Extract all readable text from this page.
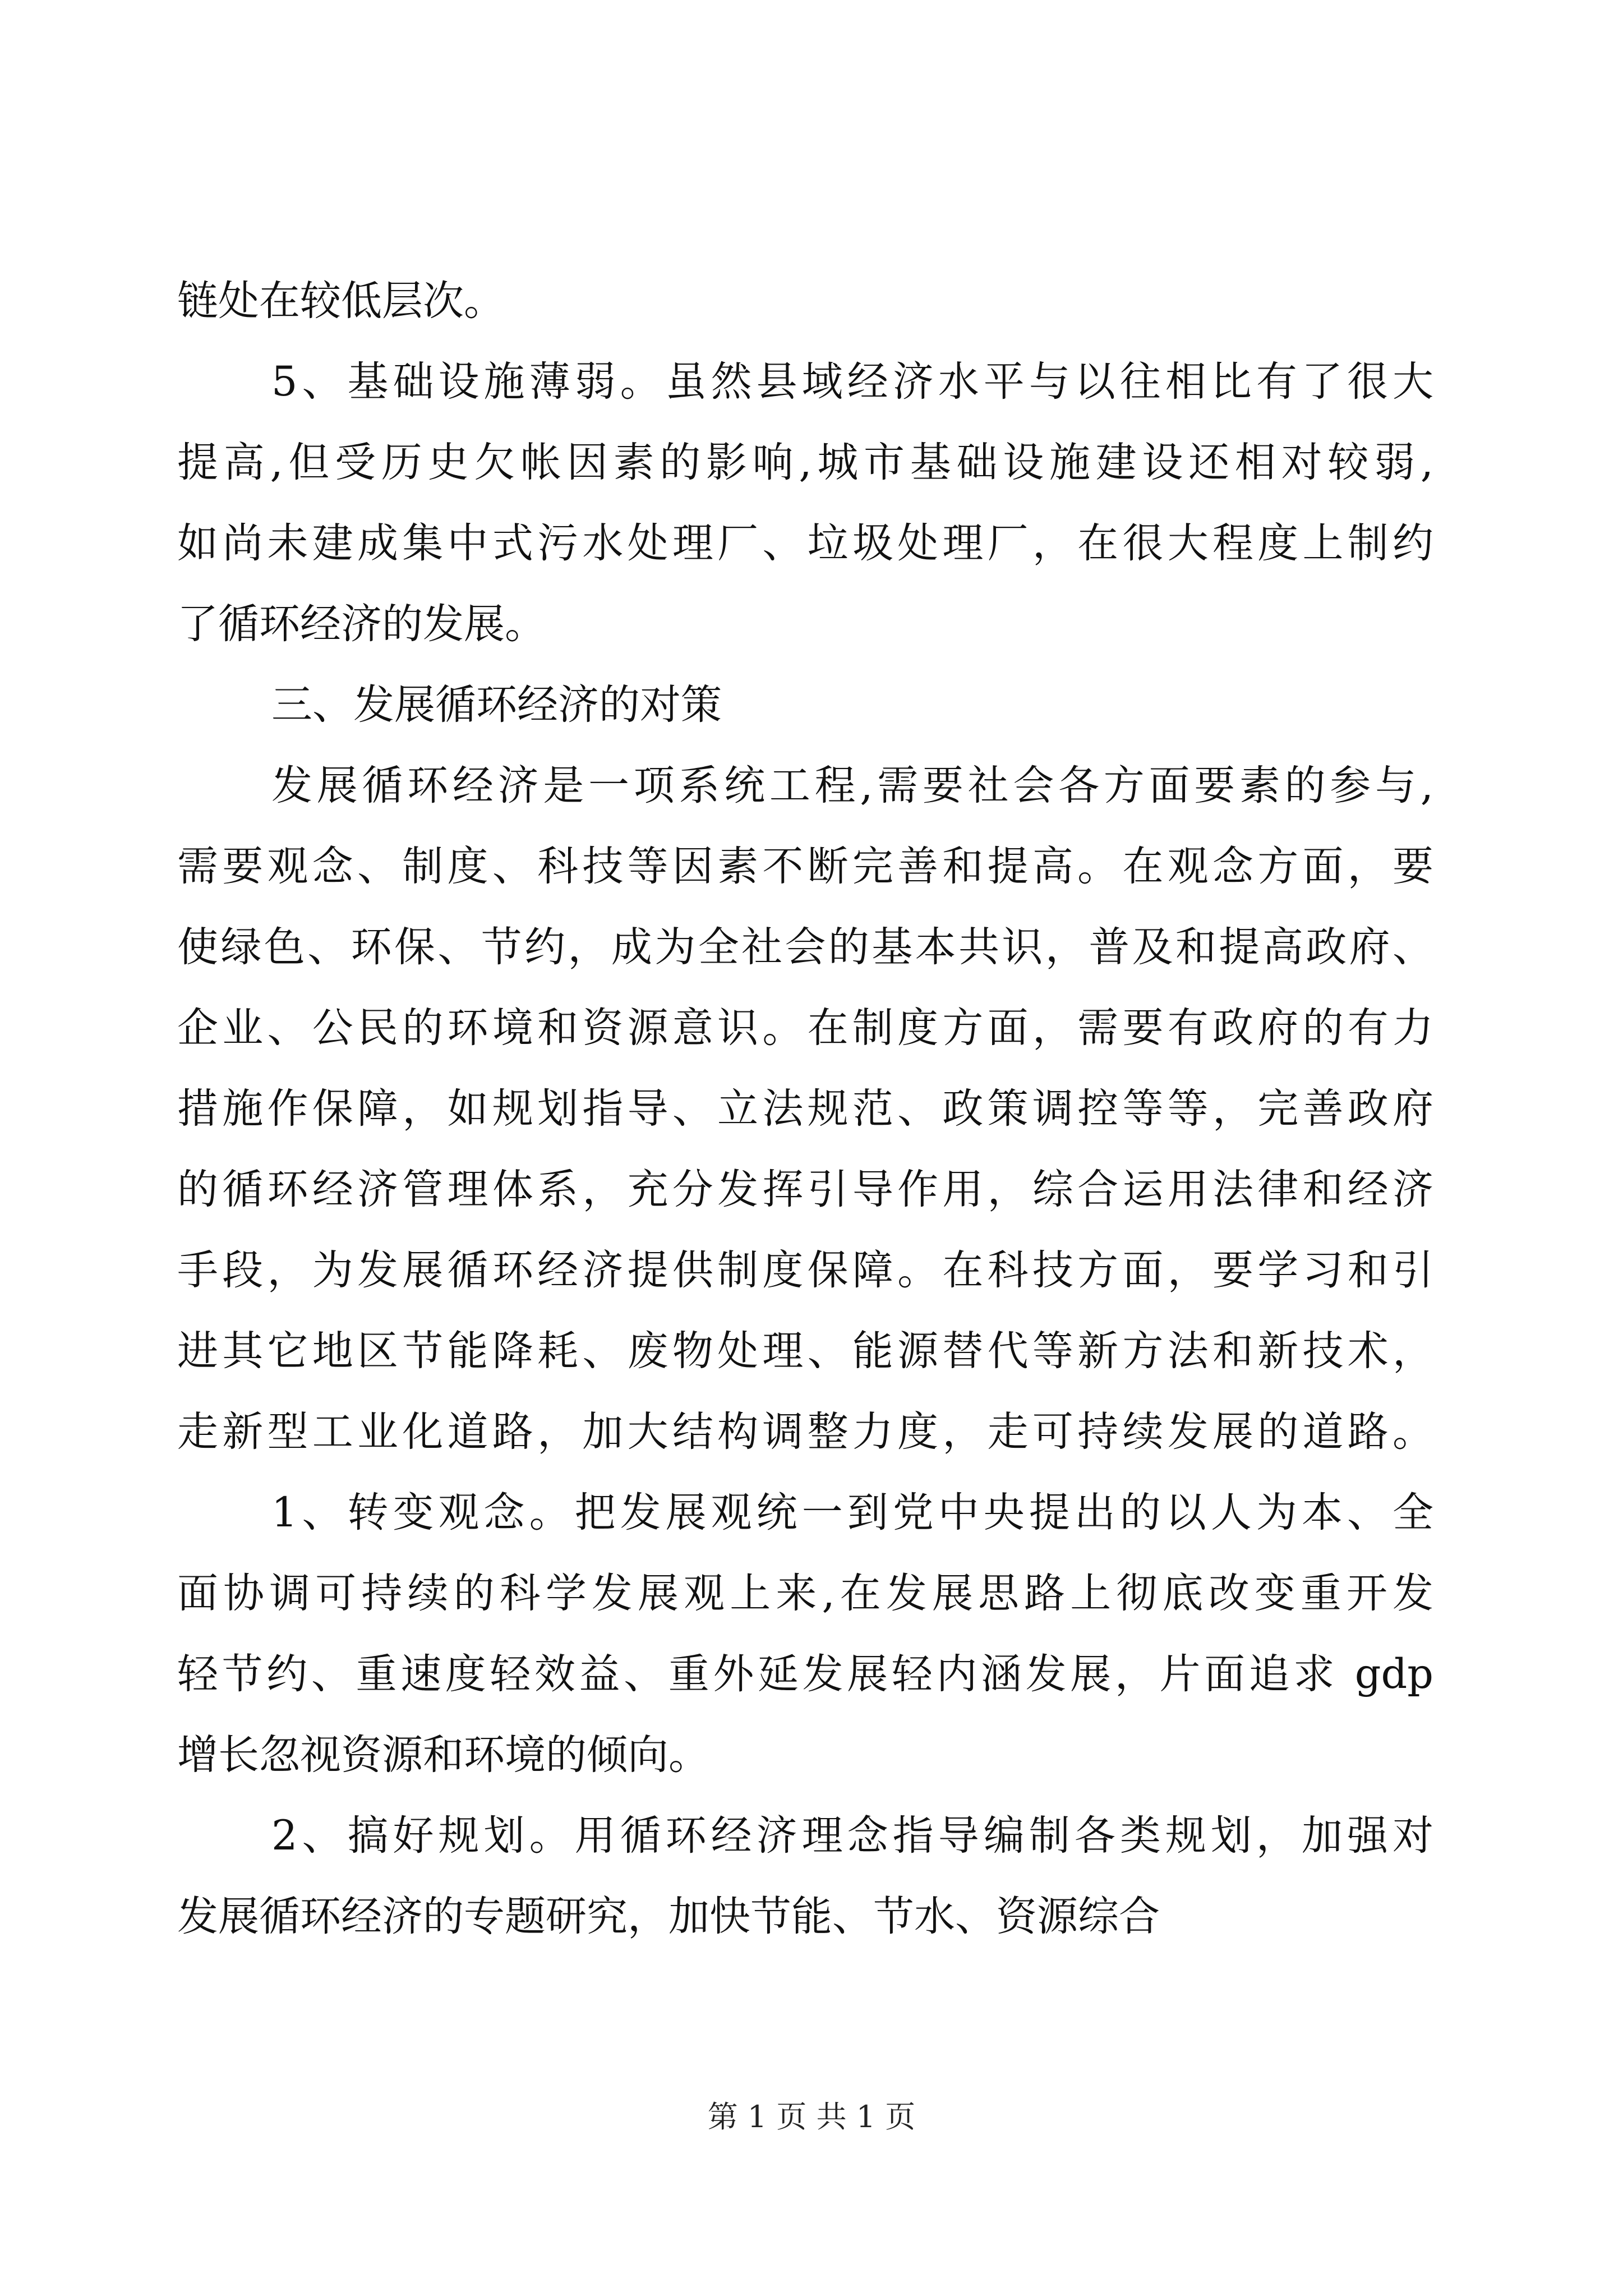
链处在较低层次。
5、基础设施薄弱。虽然县域经济水平与以往相比有了很大
提高,但受历史欠帐因素的影响,城市基础设施建设还相对较弱,
如尚未建成集中式污水处理厂、垃圾处理厂，在很大程度上制约
了循环经济的发展。
三、发展循环经济的对策
发展循环经济是一项系统工程,需要社会各方面要素的参与,
需要观念、制度、科技等因素不断完善和提高。在观念方面，要
使绿色、环保、节约，成为全社会的基本共识，普及和提高政府、
企业、公民的环境和资源意识。在制度方面，需要有政府的有力
措施作保障，如规划指导、立法规范、政策调控等等，完善政府
的循环经济管理体系，充分发挥引导作用，综合运用法律和经济
手段，为发展循环经济提供制度保障。在科技方面，要学习和引
进其它地区节能降耗、废物处理、能源替代等新方法和新技术，
走新型工业化道路，加大结构调整力度，走可持续发展的道路。
1、转变观念。把发展观统一到党中央提出的以人为本、全
面协调可持续的科学发展观上来,在发展思路上彻底改变重开发
轻节约、重速度轻效益、重外延发展轻内涵发展，片面追求 gdp
增长忽视资源和环境的倾向。
2、搞好规划。用循环经济理念指导编制各类规划，加强对
发展循环经济的专题研究，加快节能、节水、资源综合
第 1 页 共 1 页
